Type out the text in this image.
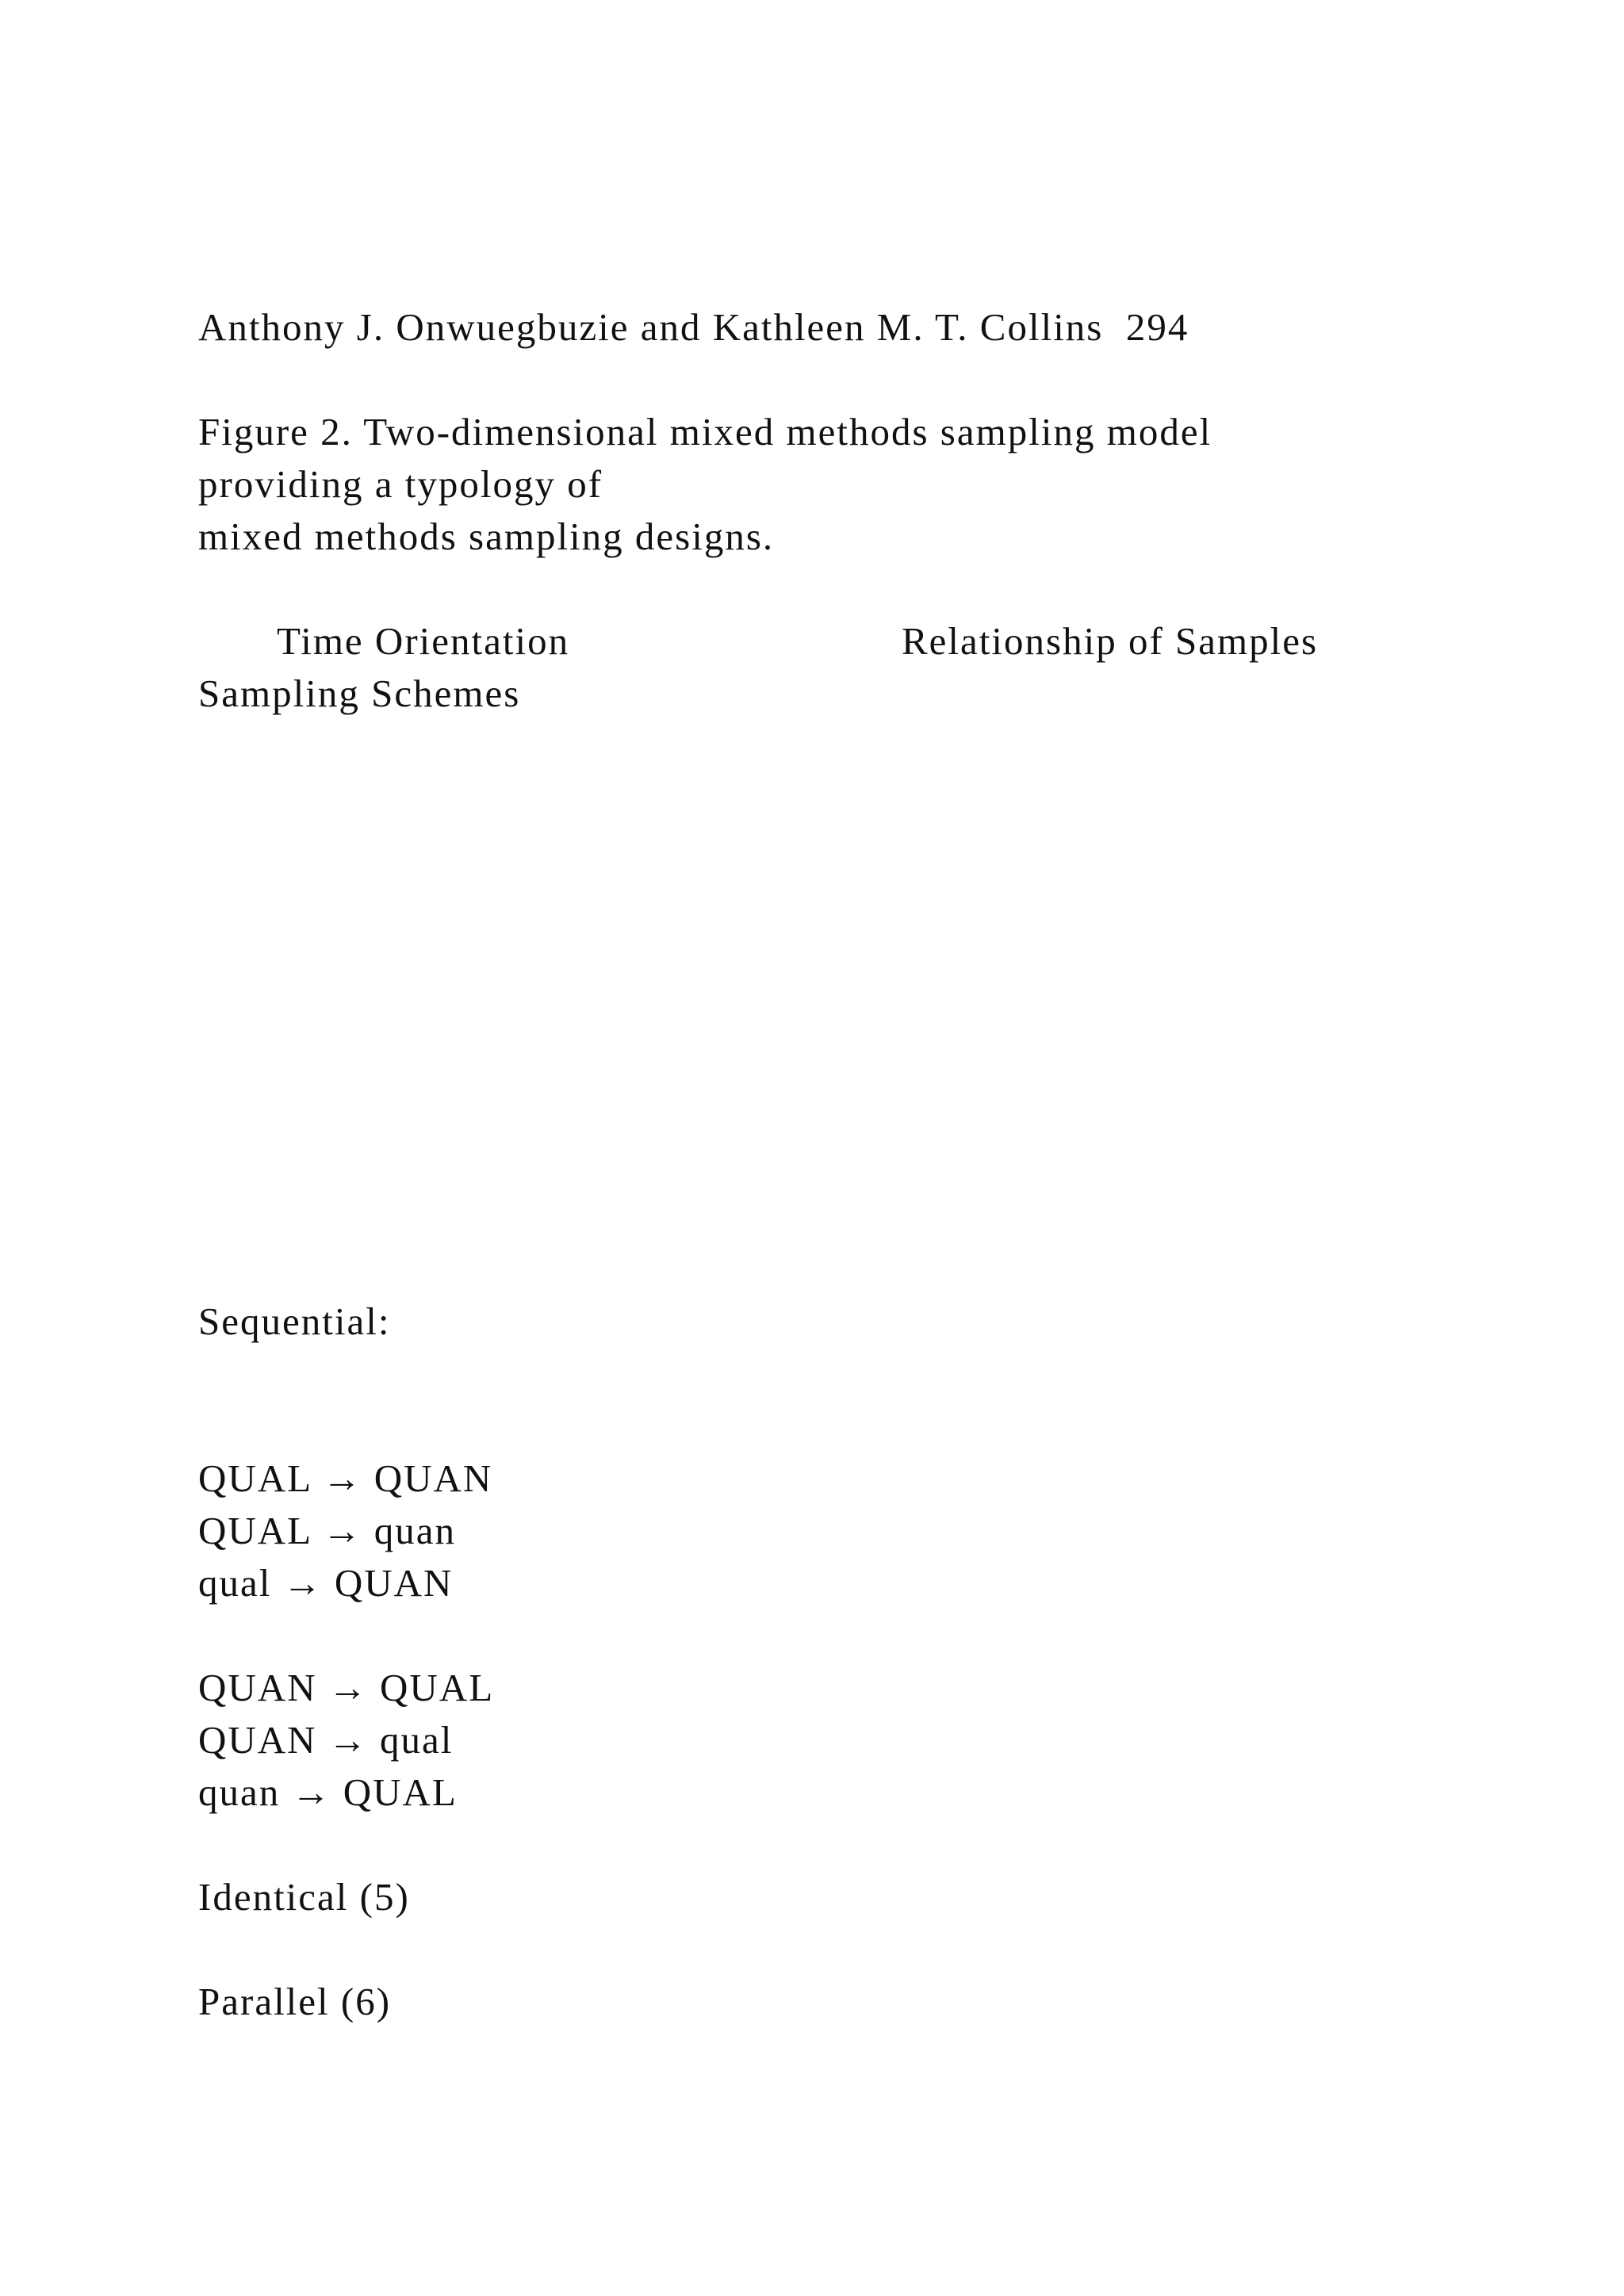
Anthony J. Onwuegbuzie and Kathleen M. T. Collins  294
Figure 2. Two-dimensional mixed methods sampling model
providing a typology of
mixed methods sampling designs.
Time Orientation	Relationship of Samples
Sampling Schemes
Sequential:
QUAL → QUAN
QUAL → quan
qual → QUAN
QUAN → QUAL
QUAN → qual
quan → QUAL
Identical (5)
Parallel (6)
